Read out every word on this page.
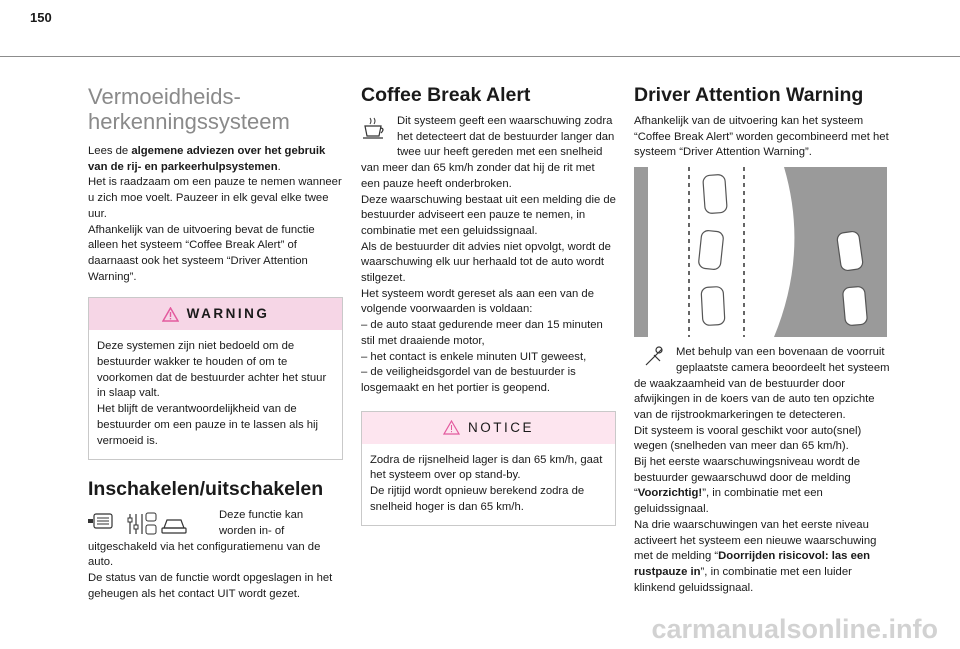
150
Vermoeidheids-
herkenningssysteem

Lees de algemene adviezen over het gebruik van de rij- en parkeerhulpsystemen.

Het is raadzaam om een pauze te nemen wanneer u zich moe voelt. Pauzeer in elk geval elke twee uur.

Afhankelijk van de uitvoering bevat de functie alleen het systeem “Coffee Break Alert” of daarnaast ook het systeem “Driver Attention Warning”.

WARNING

Deze systemen zijn niet bedoeld om de bestuurder wakker te houden of om te voorkomen dat de bestuurder achter het stuur in slaap valt.

Het blijft de verantwoordelijkheid van de bestuurder om een pauze in te lassen als hij vermoeid is.

Inschakelen/uitschakelen

Deze functie kan worden in- of uitgeschakeld via het configuratiemenu van de auto.

De status van de functie wordt opgeslagen in het geheugen als het contact UIT wordt gezet.

Coffee Break Alert

Dit systeem geeft een waarschuwing zodra het detecteert dat de bestuurder langer dan twee uur heeft gereden met een snelheid van meer dan 65 km/h zonder dat hij de rit met een pauze heeft onderbroken.

Deze waarschuwing bestaat uit een melding die de bestuurder adviseert een pauze te nemen, in combinatie met een geluidssignaal.

Als de bestuurder dit advies niet opvolgt, wordt de waarschuwing elk uur herhaald tot de auto wordt stilgezet.

Het systeem wordt gereset als aan een van de volgende voorwaarden is voldaan:

– de auto staat gedurende meer dan 15 minuten stil met draaiende motor,

– het contact is enkele minuten UIT geweest,

– de veiligheidsgordel van de bestuurder is losgemaakt en het portier is geopend.

NOTICE

Zodra de rijsnelheid lager is dan 65 km/h, gaat het systeem over op stand-by.

De rijtijd wordt opnieuw berekend zodra de snelheid hoger is dan 65 km/h.

Driver Attention Warning

Afhankelijk van de uitvoering kan het systeem “Coffee Break Alert” worden gecombineerd met het systeem “Driver Attention Warning”.

Met behulp van een bovenaan de voorruit geplaatste camera beoordeelt het systeem de waakzaamheid van de bestuurder door afwijkingen in de koers van de auto ten opzichte van de rijstrookmarkeringen te detecteren.

Dit systeem is vooral geschikt voor auto(snel) wegen (snelheden van meer dan 65 km/h).

Bij het eerste waarschuwingsniveau wordt de bestuurder gewaarschuwd door de melding “Voorzichtig!”, in combinatie met een geluidssignaal.

Na drie waarschuwingen van het eerste niveau activeert het systeem een nieuwe waarschuwing met de melding “Doorrijden risicovol: las een rustpauze in”, in combinatie met een luider klinkend geluidssignaal.

carmanualsonline.info
